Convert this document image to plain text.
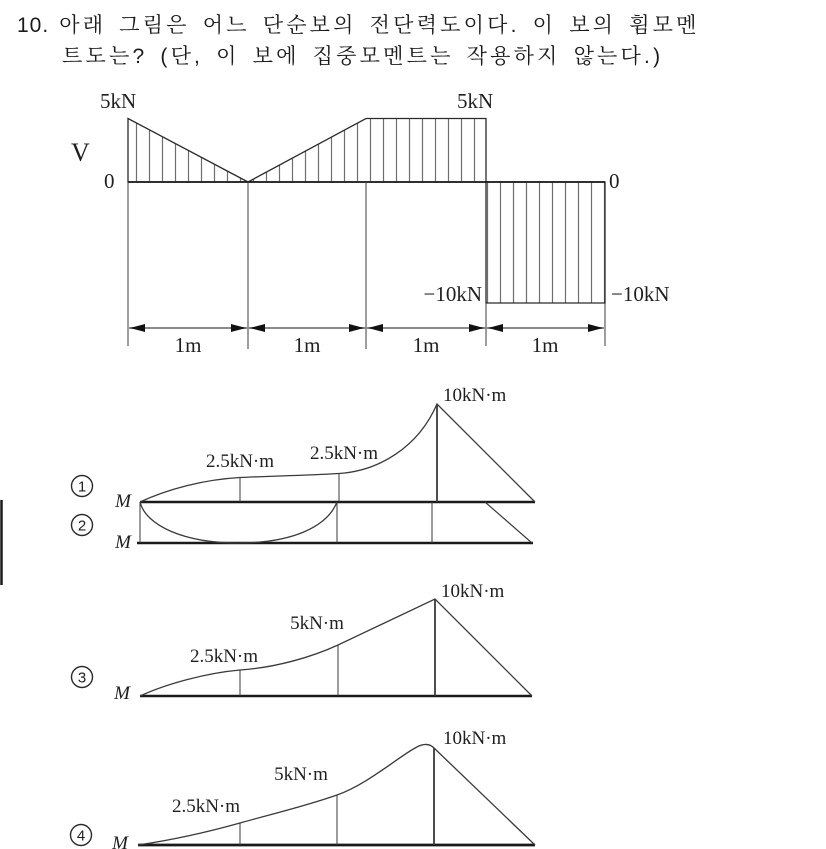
10. 아래 그림은 어느 단순보의 전단력도이다. 이 보의 휨모멘
트도는? (단, 이 보에 집중모멘트는 작용하지 않는다.)
V
0	0
5kN	5kN
−10kN	−10kN
1m	1m	1m	1m
1
M
2.5kN·m 2.5kN·m
10kN·m
2
M
3
M
2.5kN·m
5kN·m
10kN·m
4 M
2.5kN·m
5kN·m
10kN·m
